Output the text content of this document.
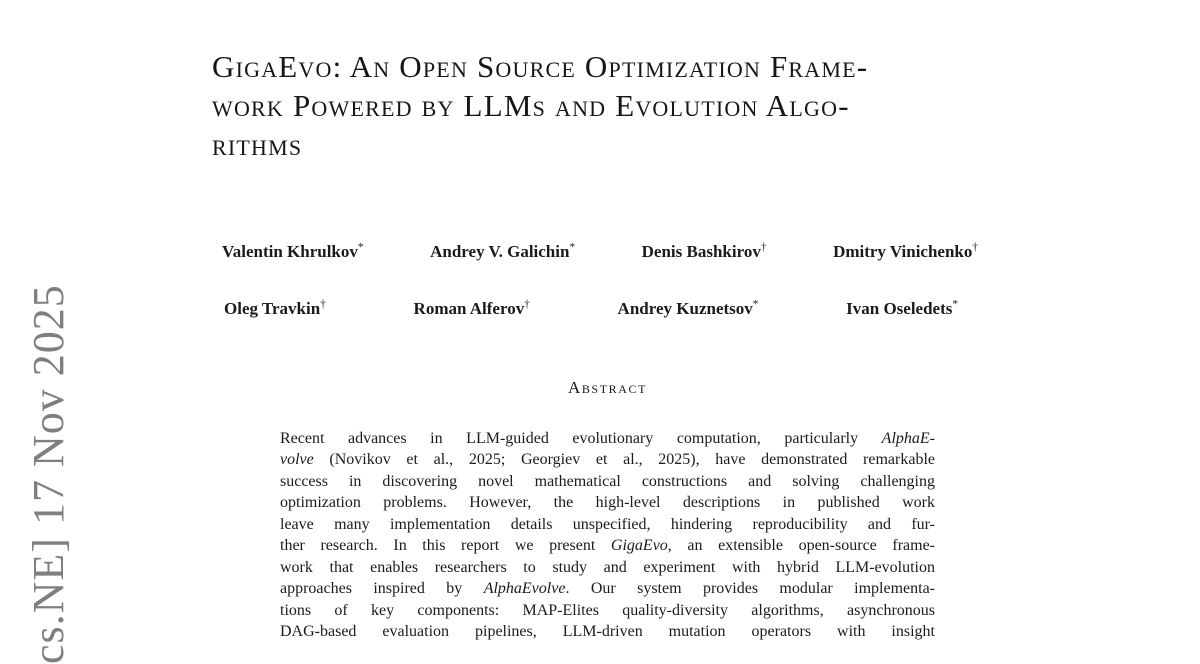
cs.NE] 17 Nov 2025
GigaEvo: An Open Source Optimization Frame-
work Powered by LLMs and Evolution Algo-
rithms
Valentin Khrulkov*	Andrey V. Galichin*	Denis Bashkirov†	Dmitry Vinichenko†
Oleg Travkin†	Roman Alferov†	Andrey Kuznetsov*	Ivan Oseledets*
Abstract
Recent advances in LLM-guided evolutionary computation, particularly AlphaE-
volve (Novikov et al., 2025; Georgiev et al., 2025), have demonstrated remarkable
success in discovering novel mathematical constructions and solving challenging
optimization problems. However, the high-level descriptions in published work
leave many implementation details unspecified, hindering reproducibility and fur-
ther research. In this report we present GigaEvo, an extensible open-source frame-
work that enables researchers to study and experiment with hybrid LLM-evolution
approaches inspired by AlphaEvolve. Our system provides modular implementa-
tions of key components: MAP-Elites quality-diversity algorithms, asynchronous
DAG-based evaluation pipelines, LLM-driven mutation operators with insight
